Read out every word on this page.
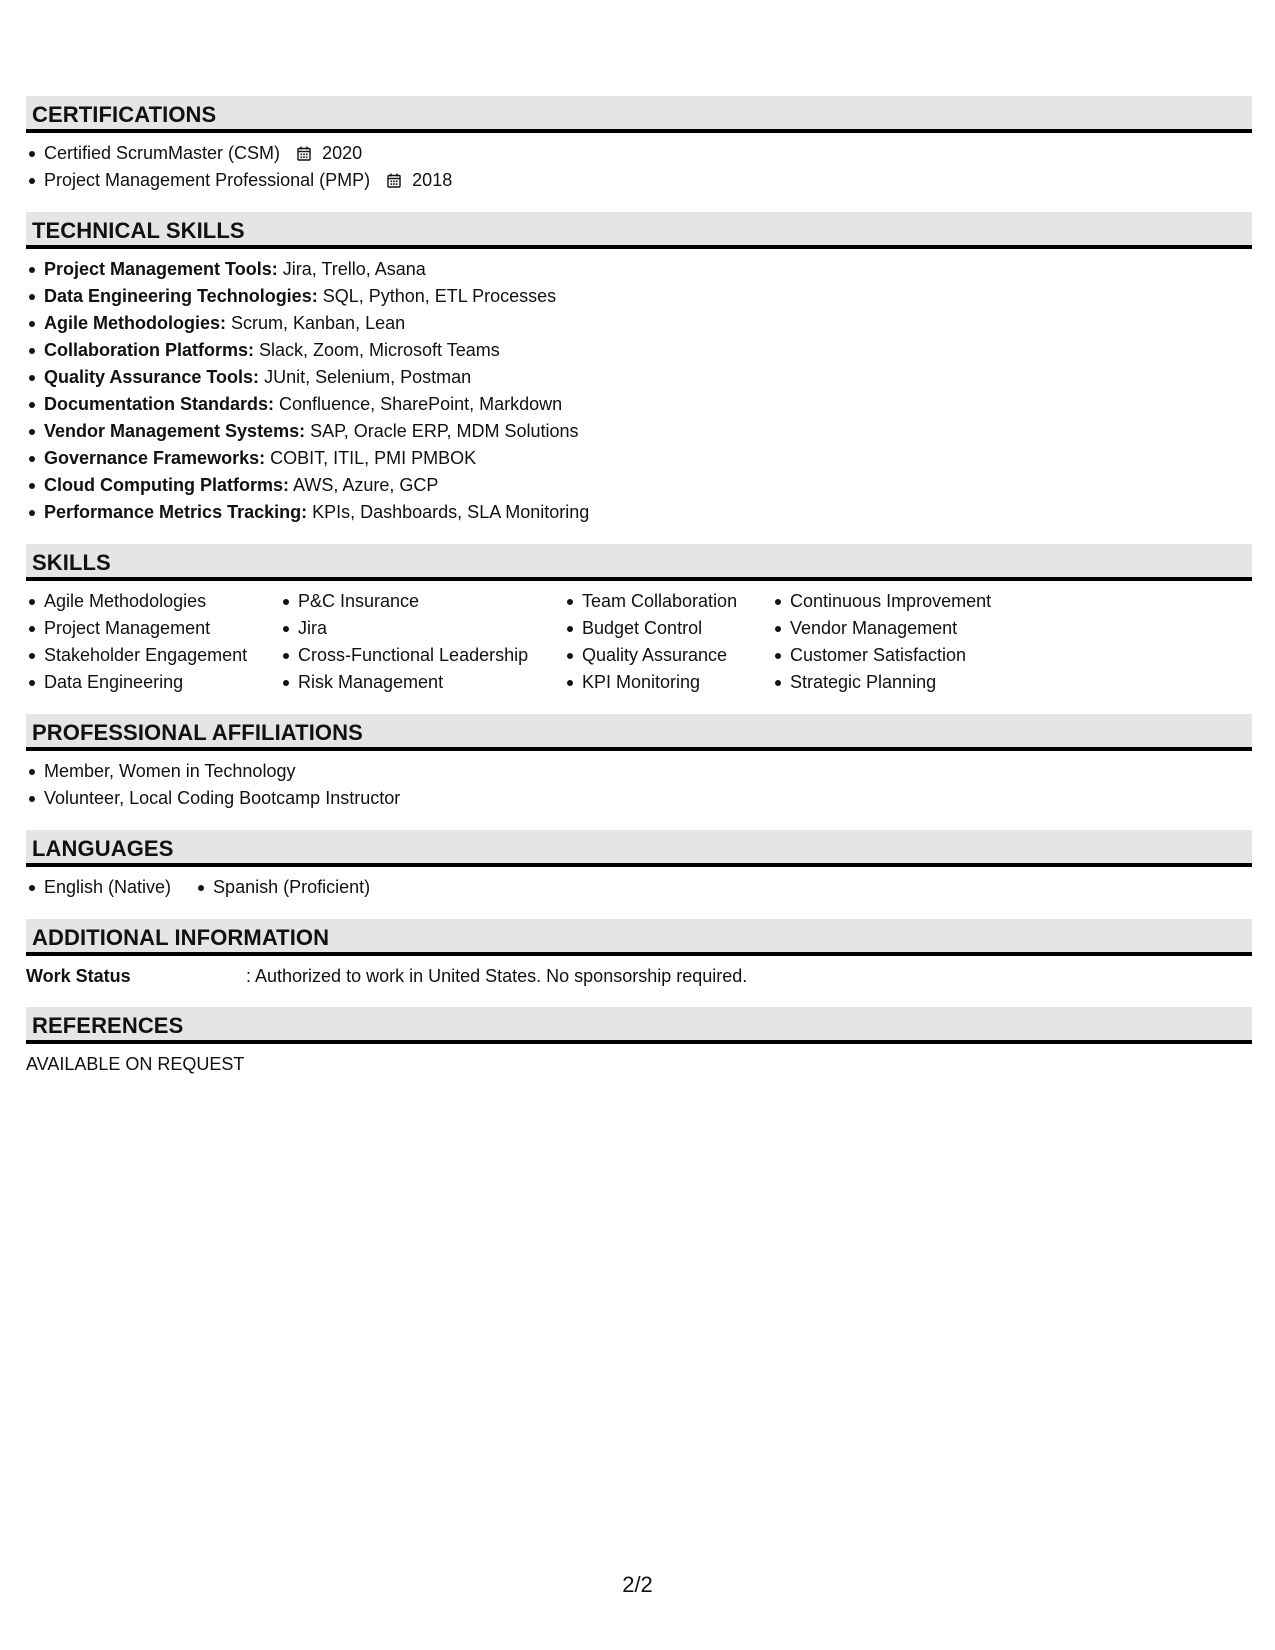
CERTIFICATIONS
Certified ScrumMaster (CSM) 2020
Project Management Professional (PMP) 2018
TECHNICAL SKILLS
Project Management Tools: Jira, Trello, Asana
Data Engineering Technologies: SQL, Python, ETL Processes
Agile Methodologies: Scrum, Kanban, Lean
Collaboration Platforms: Slack, Zoom, Microsoft Teams
Quality Assurance Tools: JUnit, Selenium, Postman
Documentation Standards: Confluence, SharePoint, Markdown
Vendor Management Systems: SAP, Oracle ERP, MDM Solutions
Governance Frameworks: COBIT, ITIL, PMI PMBOK
Cloud Computing Platforms: AWS, Azure, GCP
Performance Metrics Tracking: KPIs, Dashboards, SLA Monitoring
SKILLS
Agile Methodologies
Project Management
Stakeholder Engagement
Data Engineering
P&C Insurance
Jira
Cross-Functional Leadership
Risk Management
Team Collaboration
Budget Control
Quality Assurance
KPI Monitoring
Continuous Improvement
Vendor Management
Customer Satisfaction
Strategic Planning
PROFESSIONAL AFFILIATIONS
Member, Women in Technology
Volunteer, Local Coding Bootcamp Instructor
LANGUAGES
English (Native)	Spanish (Proficient)
ADDITIONAL INFORMATION
Work Status	: Authorized to work in United States. No sponsorship required.
REFERENCES
AVAILABLE ON REQUEST
2/2
